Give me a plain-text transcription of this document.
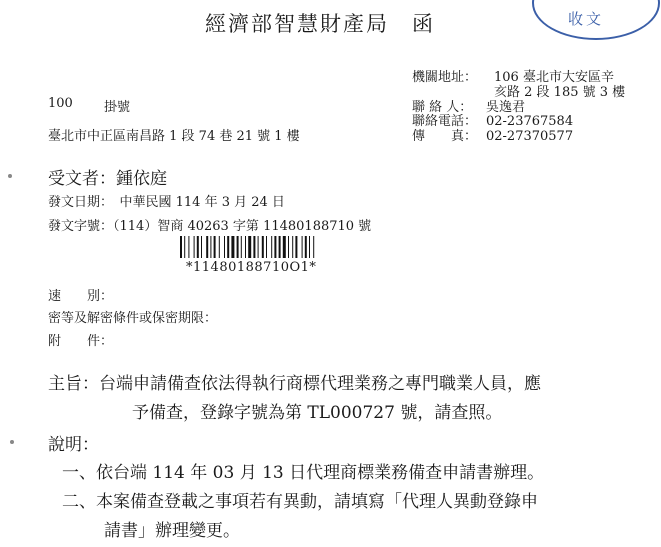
經濟部智慧財產局　函	收文
機關地址： 106 臺北市大安區辛
亥路 2 段 185 號 3 樓
聯 絡 人： 吳逸君
聯絡電話： 02-23767584
傳　　真： 02-27370577
100 掛號
臺北市中正區南昌路 1 段 74 巷 21 號 1 樓
受文者：鍾依庭
發文日期：　中華民國 114 年 3 月 24 日
發文字號：（114）智商 40263 字第 11480188710 號
*11480188710O1*
速　　別：
密等及解密條件或保密期限：
附　　件：
主旨：台端申請備查依法得執行商標代理業務之專門職業人員，應
予備查，登錄字號為第 TL000727 號，請查照。
說明：
一、依台端 114 年 03 月 13 日代理商標業務備查申請書辦理。
二、本案備查登載之事項若有異動，請填寫「代理人異動登錄申
請書」辦理變更。
